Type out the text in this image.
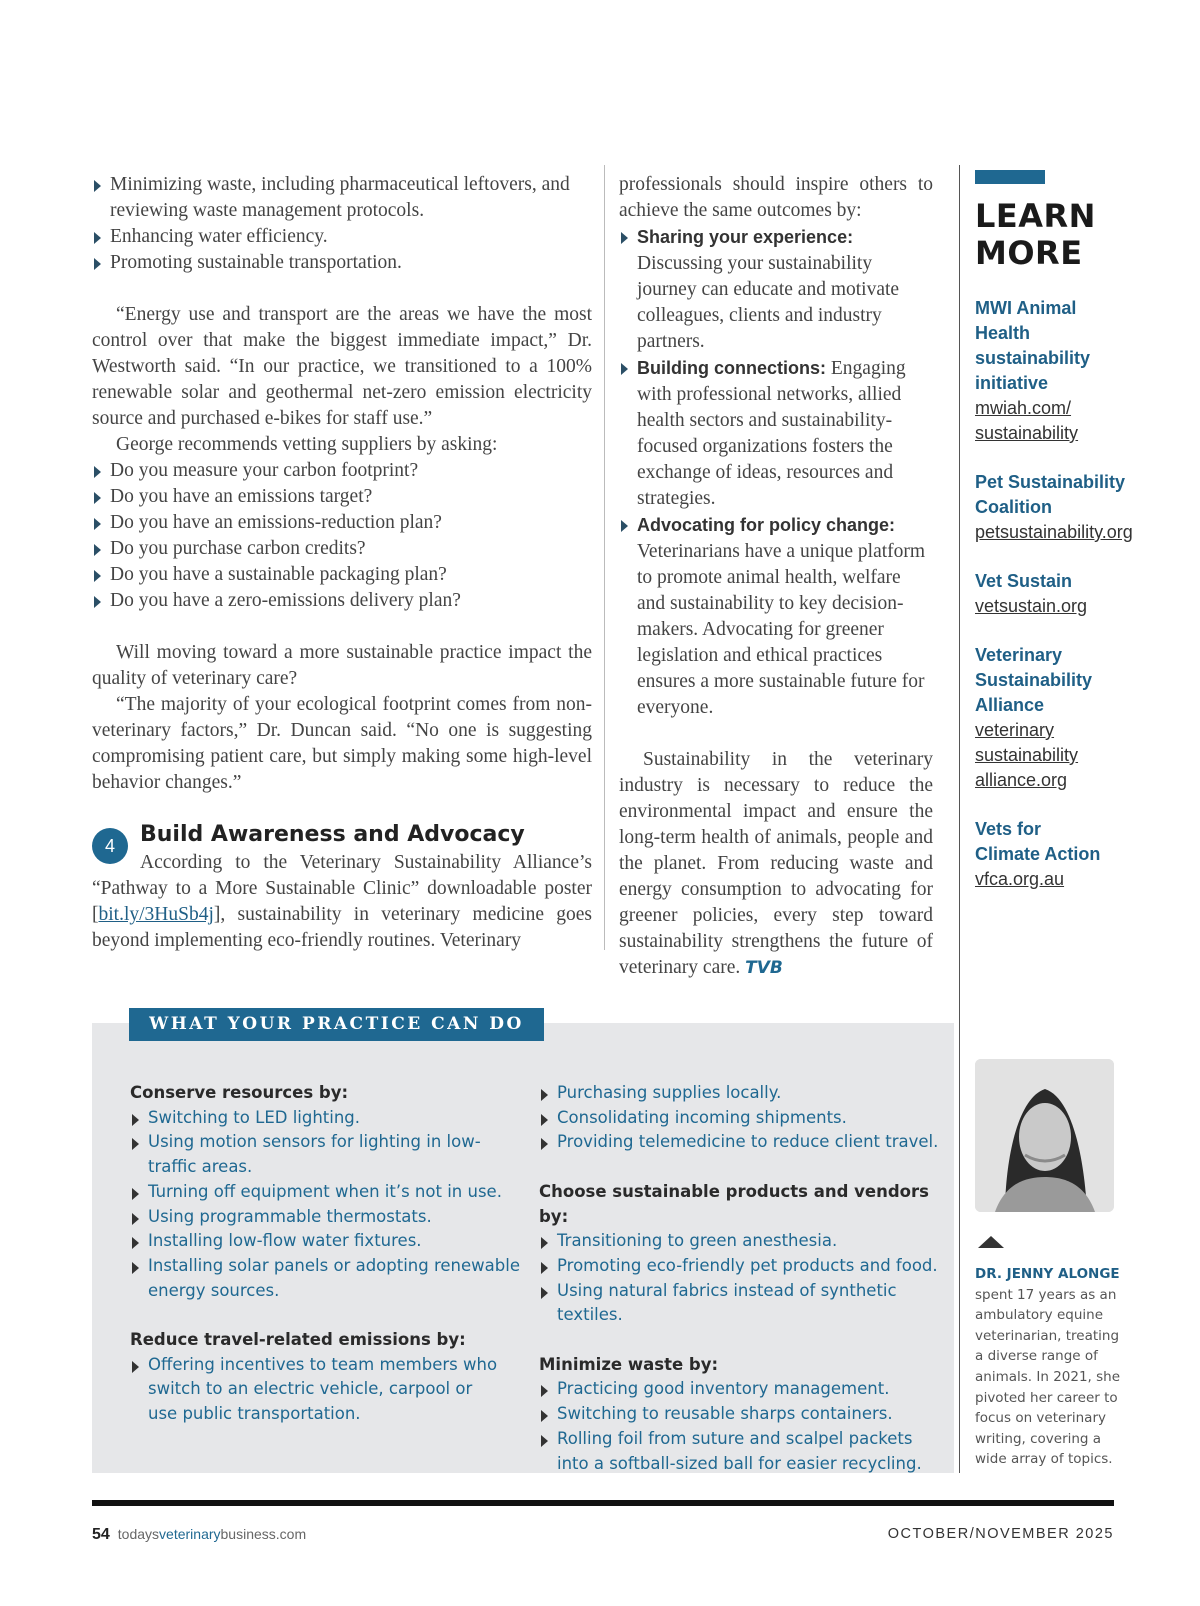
Minimizing waste, including pharmaceutical leftovers, and reviewing waste management protocols.
Enhancing water efficiency.
Promoting sustainable transportation.

“Energy use and transport are the areas we have the most control over that make the biggest immediate impact,” Dr. Westworth said. “In our practice, we transitioned to a 100% renewable solar and geothermal net-zero emission electricity source and purchased e-bikes for staff use.”

George recommends vetting suppliers by asking:

Do you measure your carbon footprint?
Do you have an emissions target?
Do you have an emissions-reduction plan?
Do you purchase carbon credits?
Do you have a sustainable packaging plan?
Do you have a zero-emissions delivery plan?

Will moving toward a more sustainable practice impact the quality of veterinary care?

“The majority of your ecological footprint comes from non-veterinary factors,” Dr. Duncan said. “No one is suggesting compromising patient care, but simply making some high-level behavior changes.”

4	Build Awareness and Advocacy

According to the Veterinary Sustainability Alliance’s “Pathway to a More Sustainable Clinic” downloadable poster [bit.ly/3HuSb4j], sustainability in veterinary medicine goes beyond implementing eco-friendly routines. Veterinary

professionals should inspire others to achieve the same outcomes by:

Sharing your experience: Discussing your sustainability journey can educate and motivate colleagues, clients and industry partners.
Building connections: Engaging with professional networks, allied health sectors and sustainability-focused organizations fosters the exchange of ideas, resources and strategies.
Advocating for policy change: Veterinarians have a unique platform to promote animal health, welfare and sustainability to key decision-makers. Advocating for greener legislation and ethical practices ensures a more sustainable future for everyone.

Sustainability in the veterinary industry is necessary to reduce the environmental impact and ensure the long-term health of animals, people and the planet. From reducing waste and energy consumption to advocating for greener policies, every step toward sustainability strengthens the future of veterinary care. TVB

LEARN
MORE
MWI Animal Health sustainability initiative
mwiah.com/ sustainability
Pet Sustainability Coalition
petsustainability.org
Vet Sustain
vetsustain.org
Veterinary Sustainability Alliance
veterinary sustainability alliance.org
Vets for Climate Action
vfca.org.au
WHAT YOUR PRACTICE CAN DO
Conserve resources by:
Switching to LED lighting.
Using motion sensors for lighting in low-traffic areas.
Turning off equipment when it’s not in use.
Using programmable thermostats.
Installing low-flow water fixtures.
Installing solar panels or adopting renewable energy sources.
Reduce travel-related emissions by:
Offering incentives to team members who switch to an electric vehicle, carpool or use public transportation.
Purchasing supplies locally.
Consolidating incoming shipments.
Providing telemedicine to reduce client travel.
Choose sustainable products and vendors by:
Transitioning to green anesthesia.
Promoting eco-friendly pet products and food.
Using natural fabrics instead of synthetic textiles.
Minimize waste by:
Practicing good inventory management.
Switching to reusable sharps containers.
Rolling foil from suture and scalpel packets into a softball-sized ball for easier recycling.
DR. JENNY ALONGE
spent 17 years as an ambulatory equine veterinarian, treating a diverse range of animals. In 2021, she pivoted her career to focus on veterinary writing, covering a wide array of topics.
54 todaysveterinarybusiness.com	OCTOBER/NOVEMBER 2025
